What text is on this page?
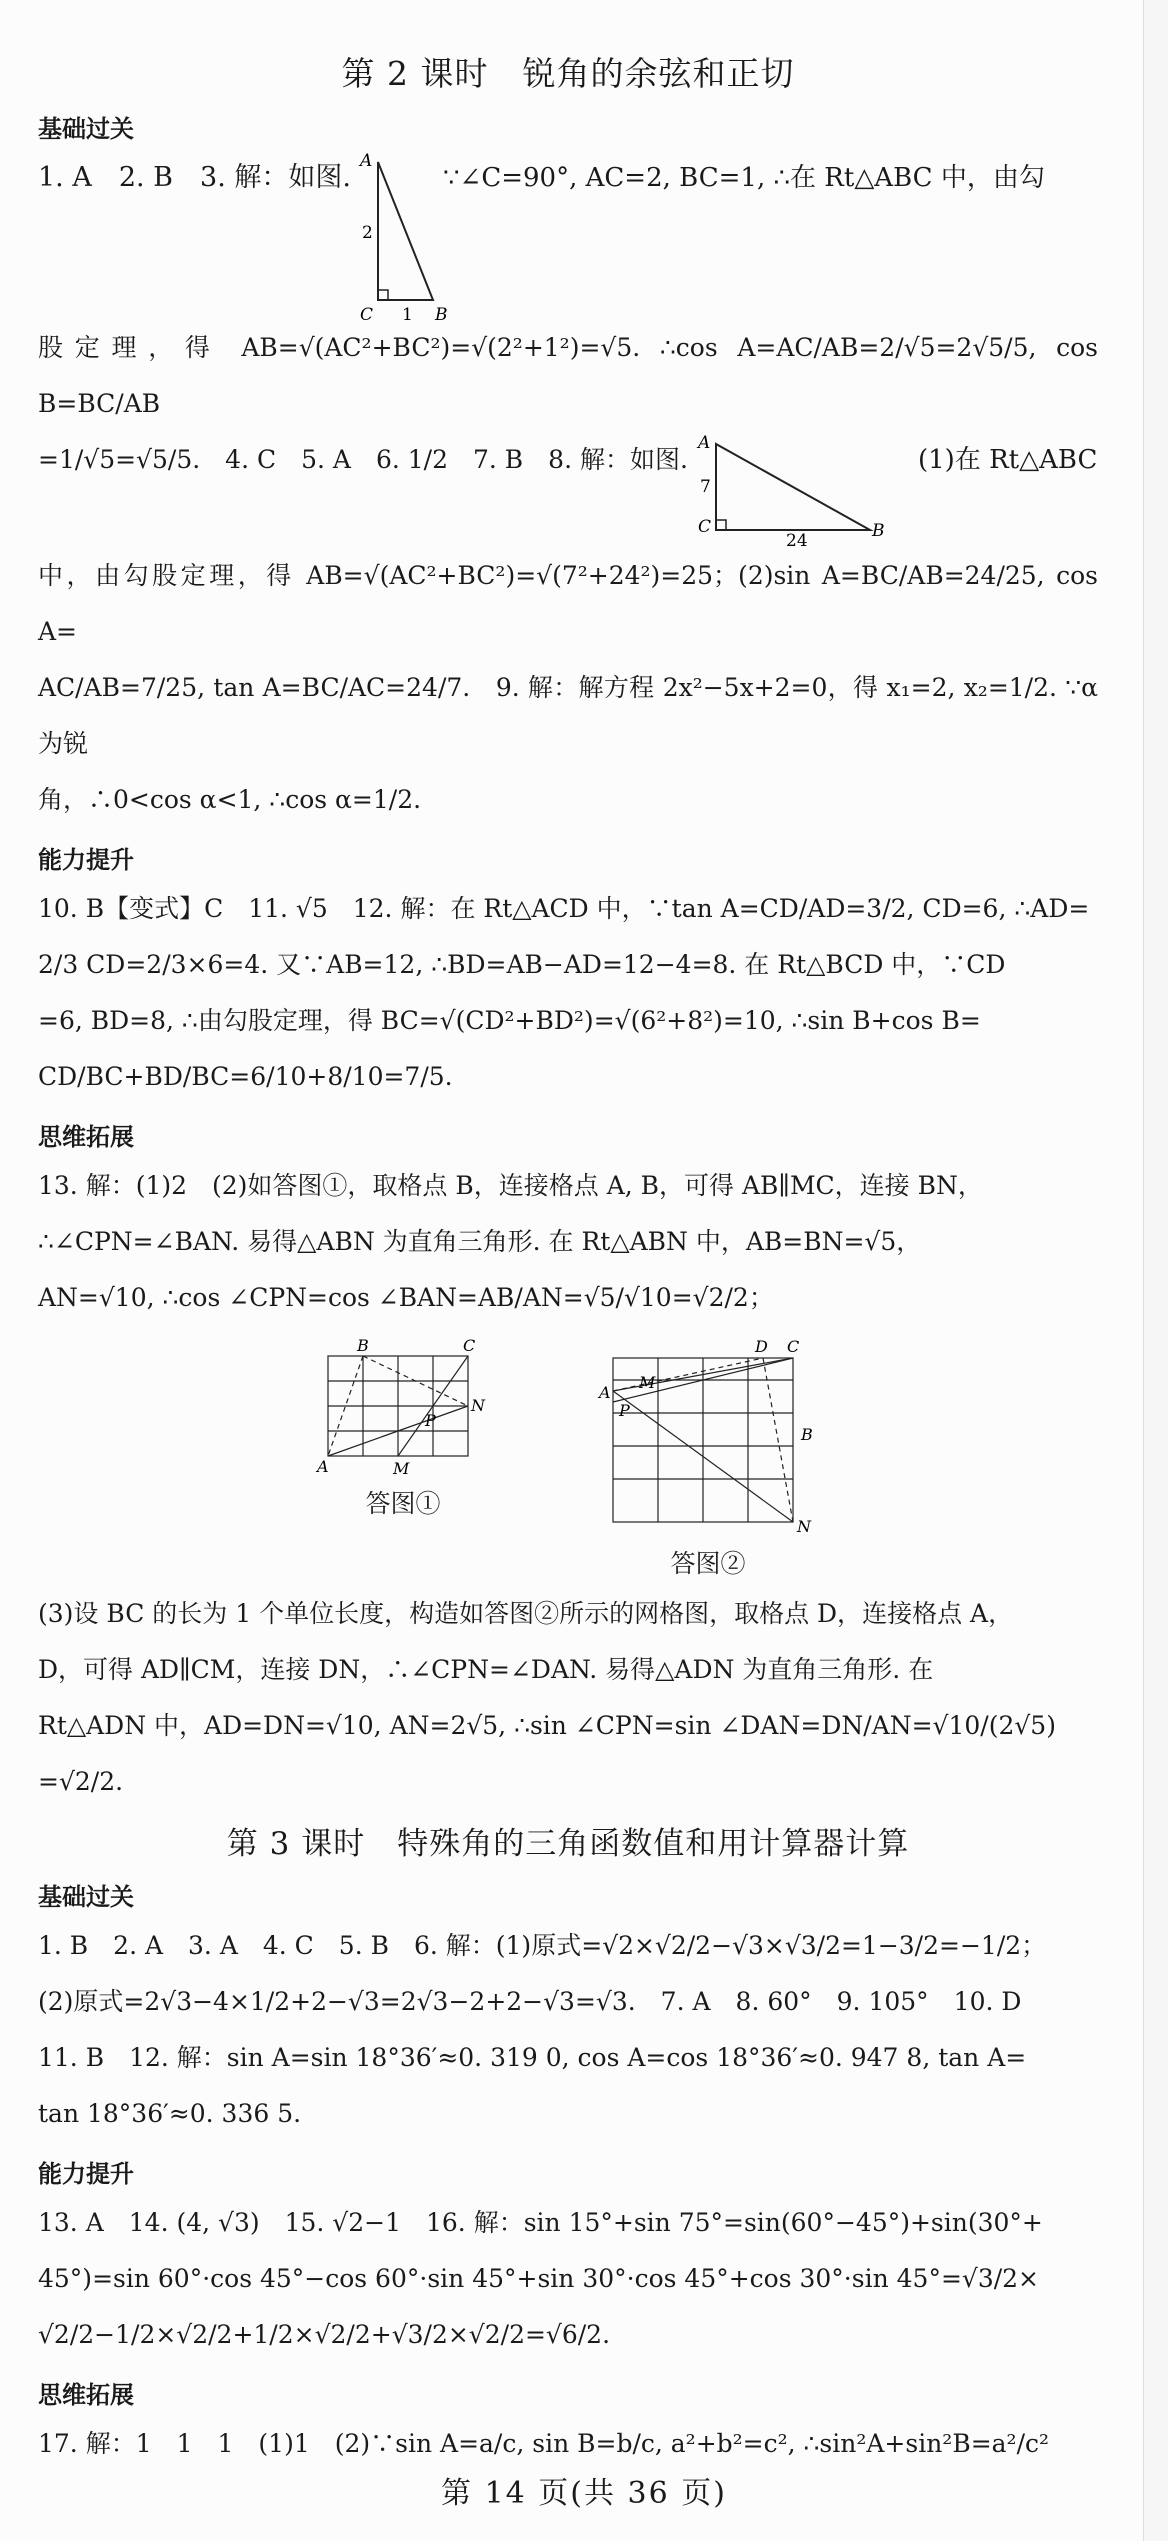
第 2 课时　锐角的余弦和正切
基础过关
1. A　2. B　3. 解：如图.
A
C	B
2
1
∵∠C=90°, AC=2, BC=1, ∴在 Rt△ABC 中，由勾

股定理，得 AB=√(AC²+BC²)=√(2²+1²)=√5. ∴cos A=AC/AB=2/√5=2√5/5, cos B=BC/AB

=1/√5=√5/5.　4. C　5. A　6. 1/2　7. B　8. 解：如图.
A
C	B
7
24
(1)在 Rt△ABC

中，由勾股定理，得 AB=√(AC²+BC²)=√(7²+24²)=25；(2)sin A=BC/AB=24/25, cos A=

AC/AB=7/25, tan A=BC/AC=24/7.　9. 解：解方程 2x²−5x+2=0，得 x₁=2, x₂=1/2. ∵α 为锐

角，∴0<cos α<1, ∴cos α=1/2.

能力提升

10. B【变式】C　11. √5　12. 解：在 Rt△ACD 中，∵tan A=CD/AD=3/2, CD=6, ∴AD=

2/3 CD=2/3×6=4. 又∵AB=12, ∴BD=AB−AD=12−4=8. 在 Rt△BCD 中，∵CD

=6, BD=8, ∴由勾股定理，得 BC=√(CD²+BD²)=√(6²+8²)=10, ∴sin B+cos B=

CD/BC+BD/BC=6/10+8/10=7/5.

思维拓展

13. 解：(1)2　(2)如答图①，取格点 B，连接格点 A, B，可得 AB∥MC，连接 BN，

∴∠CPN=∠BAN. 易得△ABN 为直角三角形. 在 Rt△ABN 中，AB=BN=√5，

AN=√10, ∴cos ∠CPN=cos ∠BAN=AB/AN=√5/√10=√2/2；

A
B	C
M
N
P
答图①
A
B
C
D
M
N
P
答图②

(3)设 BC 的长为 1 个单位长度，构造如答图②所示的网格图，取格点 D，连接格点 A，

D，可得 AD∥CM，连接 DN，∴∠CPN=∠DAN. 易得△ADN 为直角三角形. 在

Rt△ADN 中，AD=DN=√10, AN=2√5, ∴sin ∠CPN=sin ∠DAN=DN/AN=√10/(2√5)

=√2/2.

第 3 课时　特殊角的三角函数值和用计算器计算
基础过关

1. B　2. A　3. A　4. C　5. B　6. 解：(1)原式=√2×√2/2−√3×√3/2=1−3/2=−1/2；

(2)原式=2√3−4×1/2+2−√3=2√3−2+2−√3=√3.　7. A　8. 60°　9. 105°　10. D

11. B　12. 解：sin A=sin 18°36′≈0. 319 0, cos A=cos 18°36′≈0. 947 8, tan A=

tan 18°36′≈0. 336 5.

能力提升

13. A　14. (4, √3)　15. √2−1　16. 解：sin 15°+sin 75°=sin(60°−45°)+sin(30°+

45°)=sin 60°·cos 45°−cos 60°·sin 45°+sin 30°·cos 45°+cos 30°·sin 45°=√3/2×

√2/2−1/2×√2/2+1/2×√2/2+√3/2×√2/2=√6/2.

思维拓展

17. 解：1　1　1　(1)1　(2)∵sin A=a/c, sin B=b/c, a²+b²=c², ∴sin²A+sin²B=a²/c²

第 14 页(共 36 页)
